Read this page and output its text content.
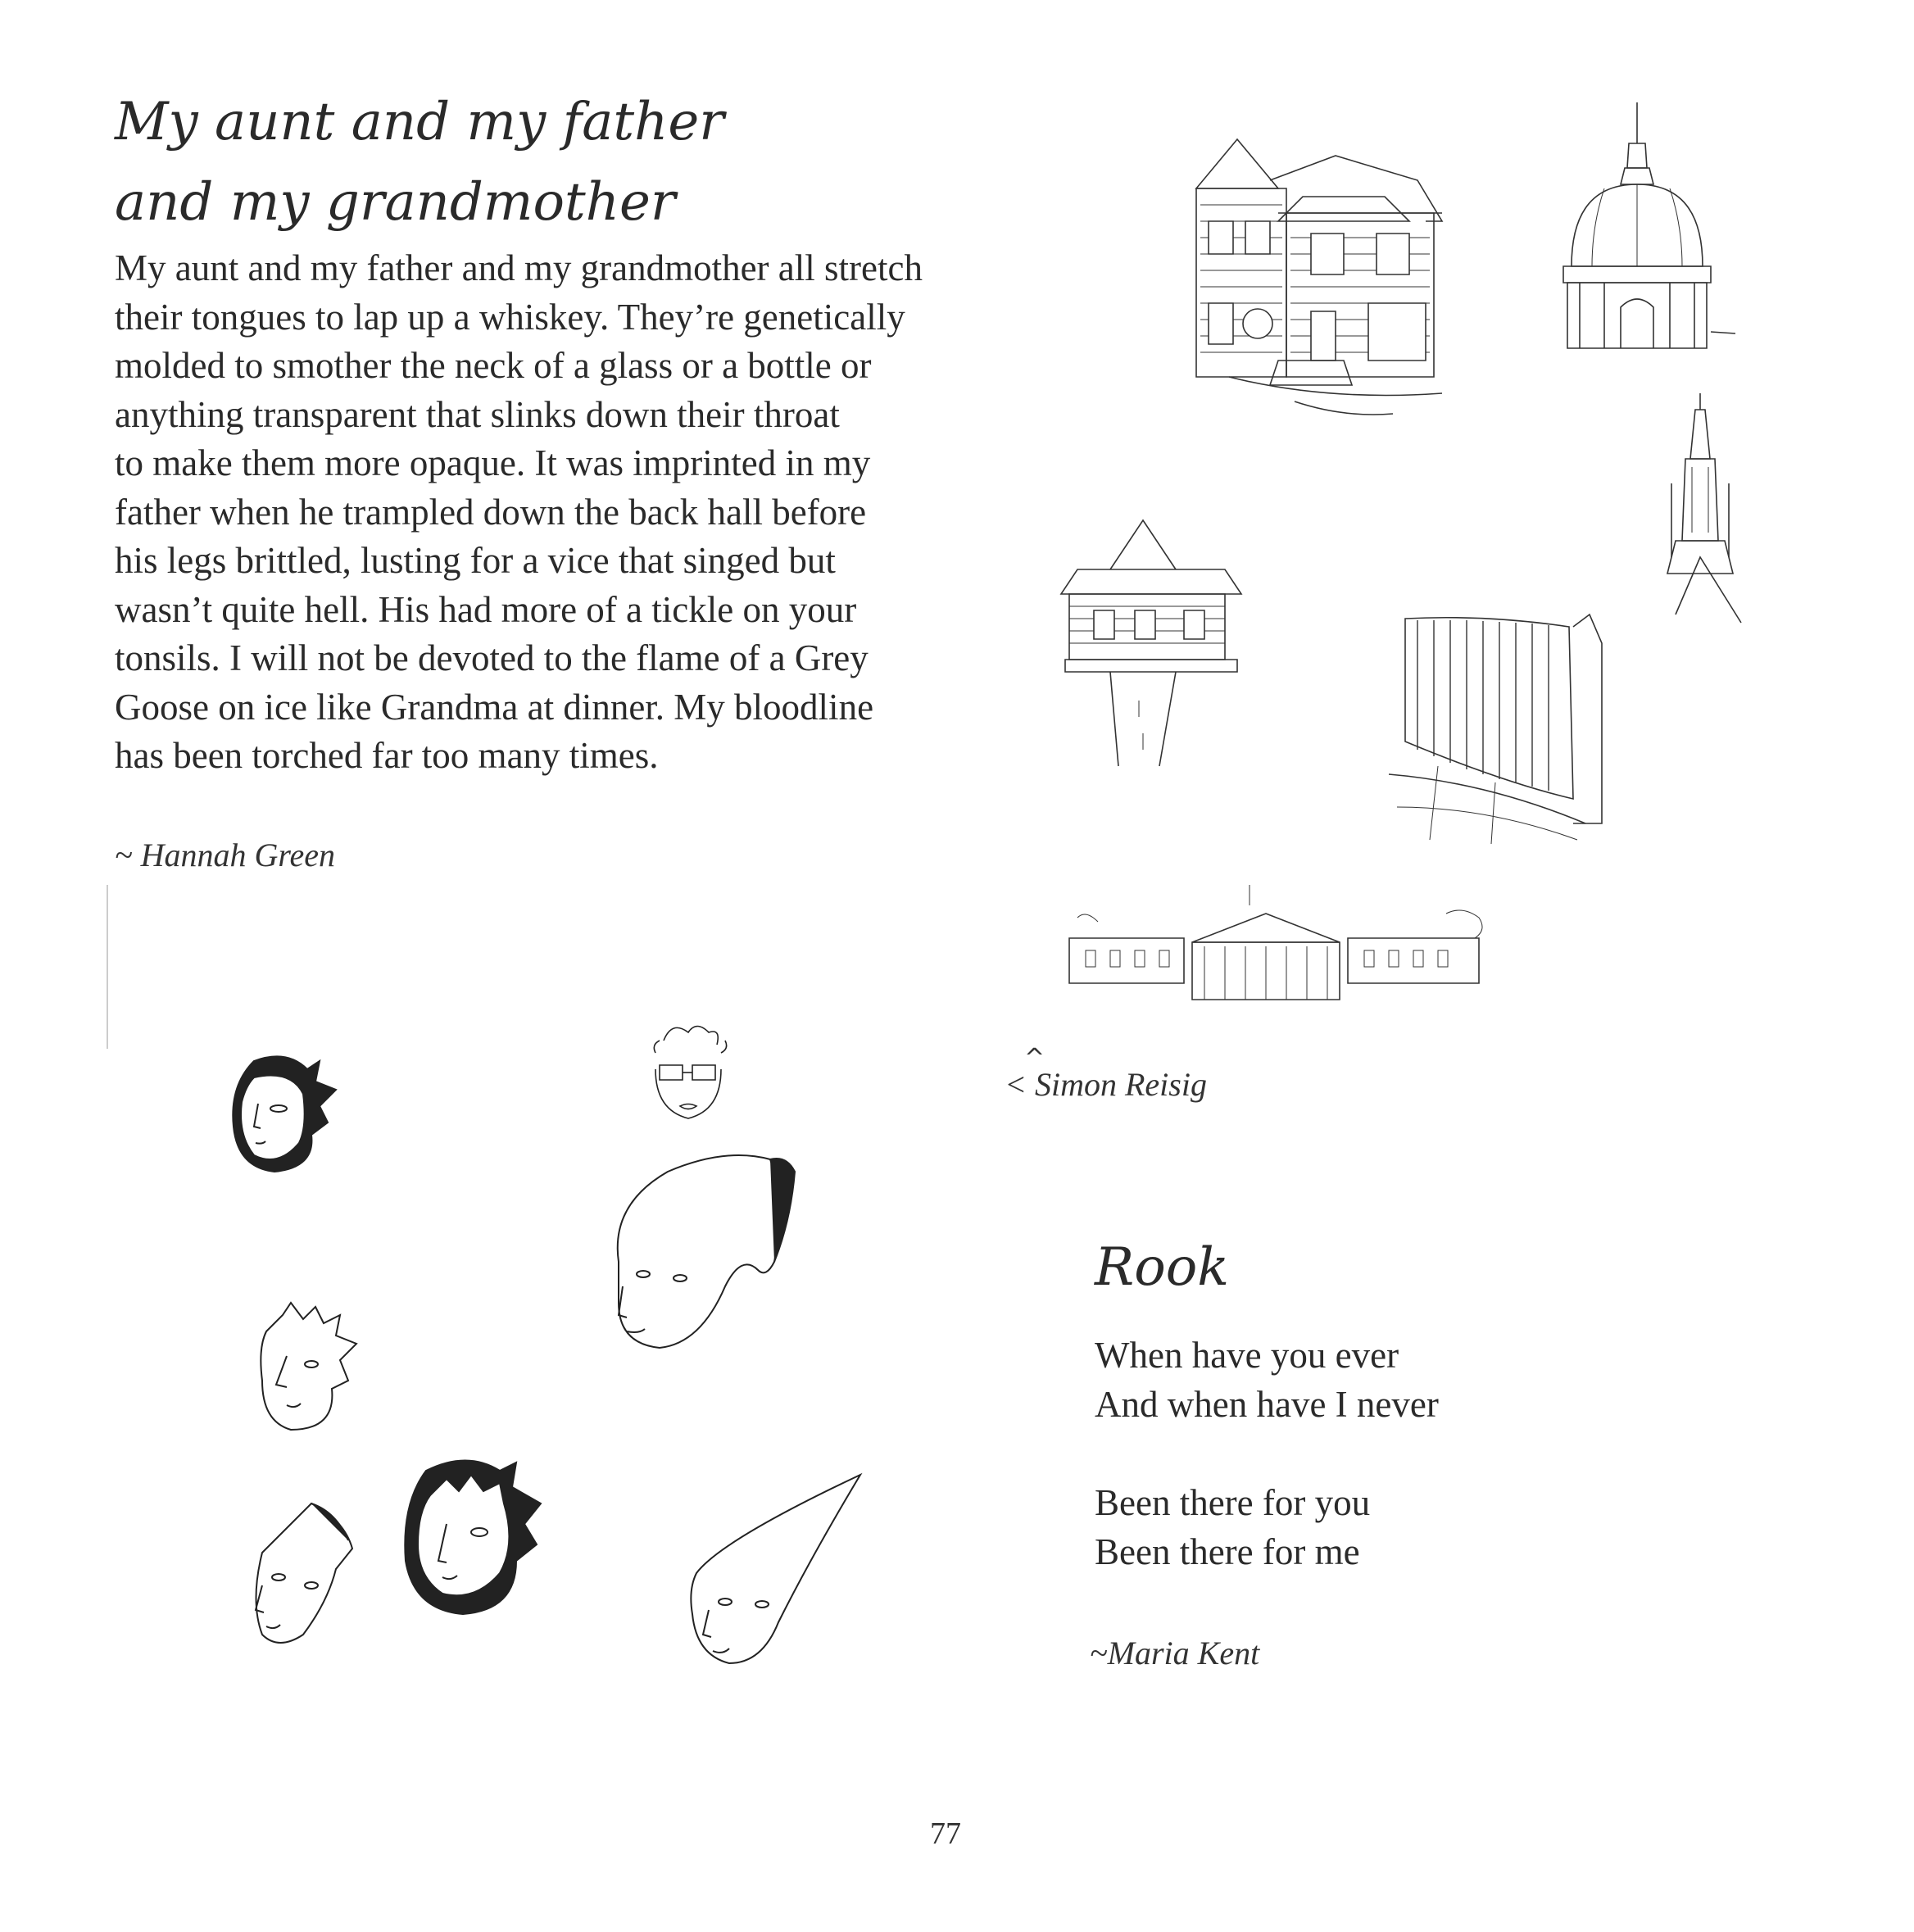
My aunt and my father
and my grandmother
My aunt and my father and my grandmother all stretch
their tongues to lap up a whiskey. They’re genetically
molded to smother the neck of a glass or a bottle or
anything transparent that slinks down their throat
to make them more opaque. It was imprinted in my
father when he trampled down the back hall before
his legs brittled, lusting for a vice that singed but
wasn’t quite hell. His had more of a tickle on your
tonsils. I will not be devoted to the flame of a Grey
Goose on ice like Grandma at dinner. My bloodline
has been torched far too many times.
~ Hannah Green
^
< Simon Reisig
Rook
When have you ever
And when have I never
Been there for you
Been there for me
~Maria Kent
77
